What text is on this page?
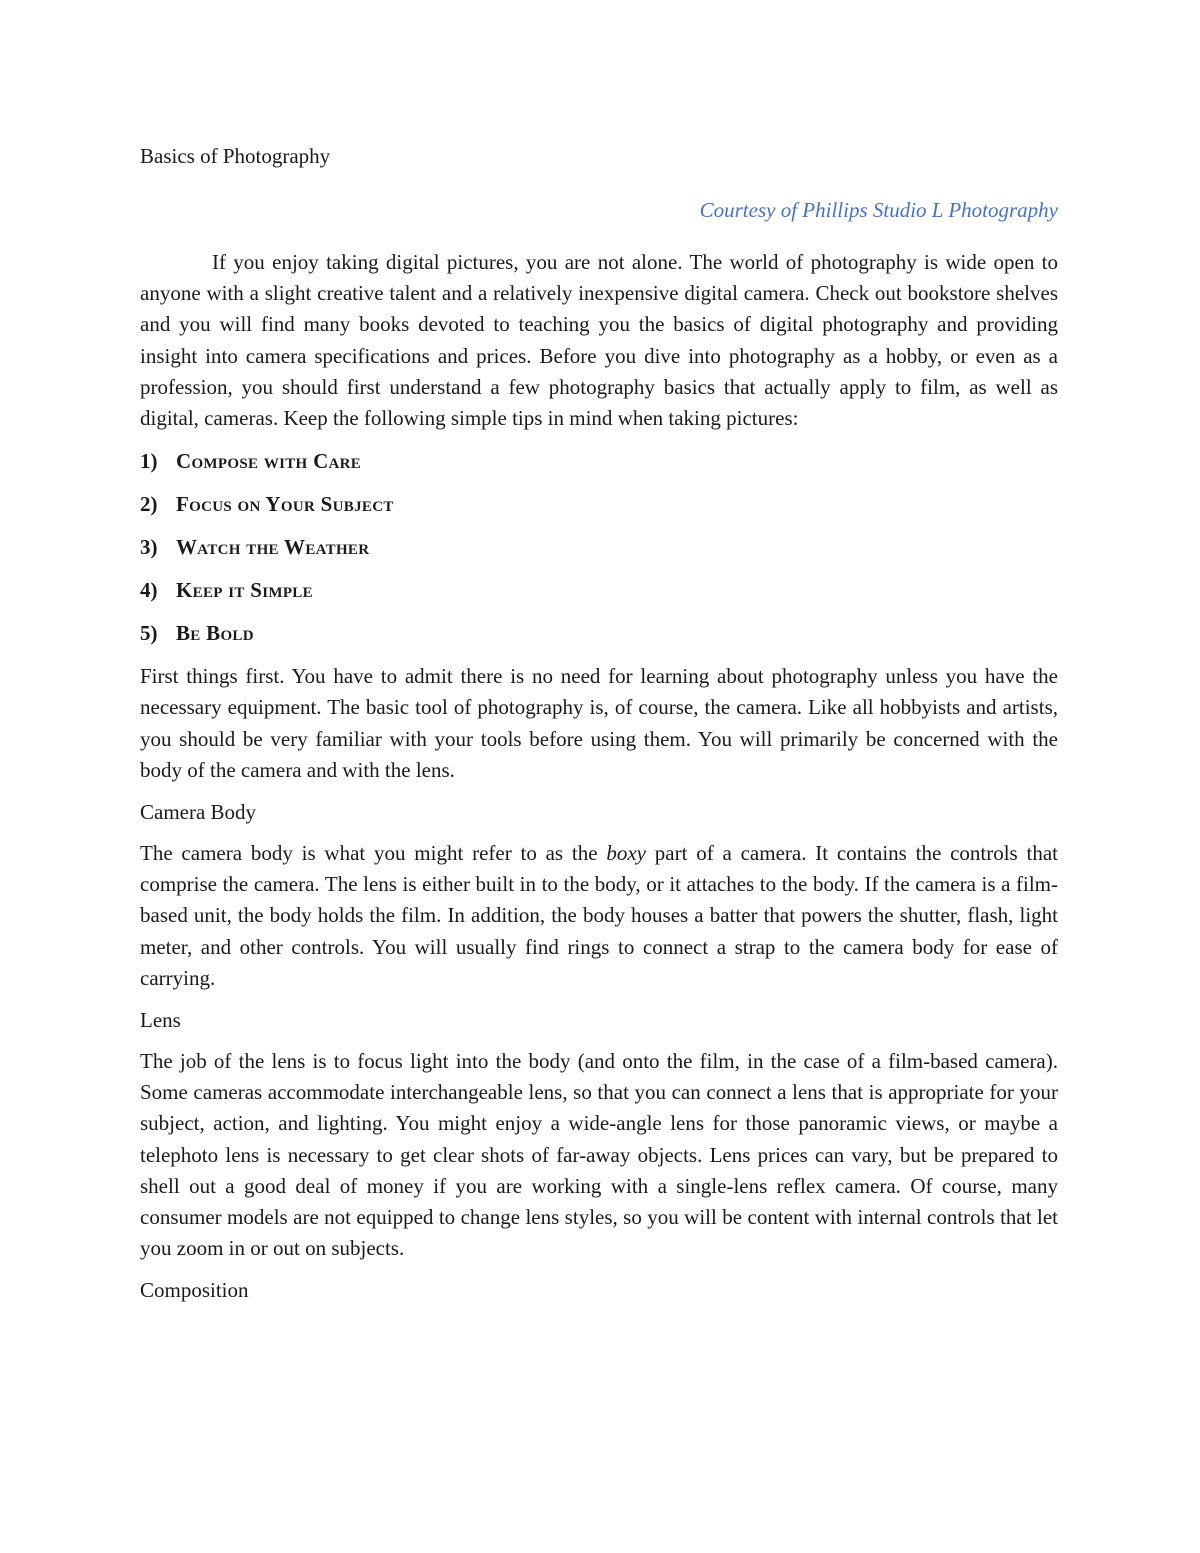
Basics of Photography
Courtesy of Phillips Studio L Photography

If you enjoy taking digital pictures, you are not alone. The world of photography is wide open to anyone with a slight creative talent and a relatively inexpensive digital camera. Check out bookstore shelves and you will find many books devoted to teaching you the basics of digital photography and providing insight into camera specifications and prices. Before you dive into photography as a hobby, or even as a profession, you should first understand a few photography basics that actually apply to film, as well as digital, cameras. Keep the following simple tips in mind when taking pictures:

1) Compose with Care
2) Focus on Your Subject
3) Watch the Weather
4) Keep it Simple
5) Be Bold

First things first. You have to admit there is no need for learning about photography unless you have the necessary equipment. The basic tool of photography is, of course, the camera. Like all hobbyists and artists, you should be very familiar with your tools before using them. You will primarily be concerned with the body of the camera and with the lens.

Camera Body

The camera body is what you might refer to as the boxy part of a camera. It contains the controls that comprise the camera. The lens is either built in to the body, or it attaches to the body. If the camera is a film-based unit, the body holds the film. In addition, the body houses a batter that powers the shutter, flash, light meter, and other controls. You will usually find rings to connect a strap to the camera body for ease of carrying.

Lens

The job of the lens is to focus light into the body (and onto the film, in the case of a film-based camera). Some cameras accommodate interchangeable lens, so that you can connect a lens that is appropriate for your subject, action, and lighting. You might enjoy a wide-angle lens for those panoramic views, or maybe a telephoto lens is necessary to get clear shots of far-away objects. Lens prices can vary, but be prepared to shell out a good deal of money if you are working with a single-lens reflex camera. Of course, many consumer models are not equipped to change lens styles, so you will be content with internal controls that let you zoom in or out on subjects.

Composition
